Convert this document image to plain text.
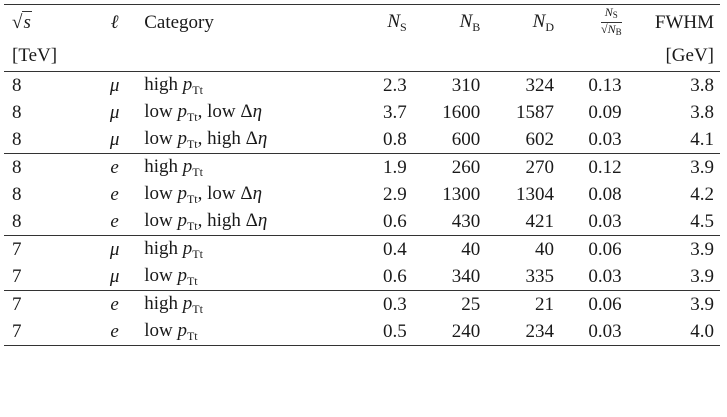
√s	ℓ	Category	$N_S$	$N_B$	$N_D$	$\frac{N_S}{√N_B}$	FWHM
[TeV]							[GeV]
8	μ	high $p_{Tt}$	2.3	310	324	0.13	3.8
8	μ	low $p_{Tt}$, low Δη	3.7	1600	1587	0.09	3.8
8	μ	low $p_{Tt}$, high Δη	0.8	600	602	0.03	4.1
8	e	high $p_{Tt}$	1.9	260	270	0.12	3.9
8	e	low $p_{Tt}$, low Δη	2.9	1300	1304	0.08	4.2
8	e	low $p_{Tt}$, high Δη	0.6	430	421	0.03	4.5
7	μ	high $p_{Tt}$	0.4	40	40	0.06	3.9
7	μ	low $p_{Tt}$	0.6	340	335	0.03	3.9
7	e	high $p_{Tt}$	0.3	25	21	0.06	3.9
7	e	low $p_{Tt}$	0.5	240	234	0.03	4.0
